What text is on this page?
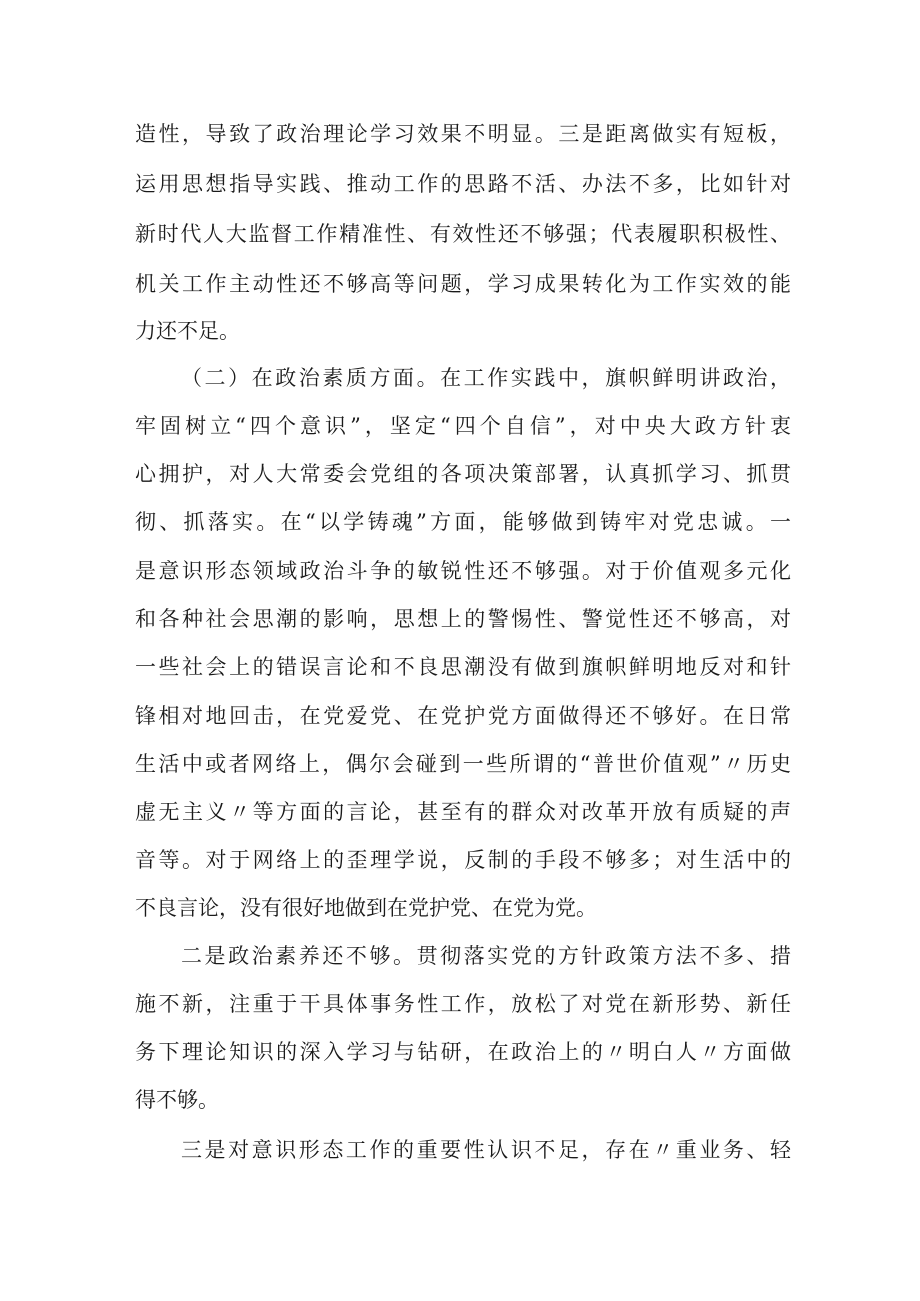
造性，导致了政治理论学习效果不明显。三是距离做实有短板，
运用思想指导实践、推动工作的思路不活、办法不多，比如针对
新时代人大监督工作精准性、有效性还不够强；代表履职积极性、
机关工作主动性还不够高等问题，学习成果转化为工作实效的能
力还不足。
（二）在政治素质方面。在工作实践中，旗帜鲜明讲政治，
牢固树立“四个意识”，坚定“四个自信”，对中央大政方针衷
心拥护，对人大常委会党组的各项决策部署，认真抓学习、抓贯
彻、抓落实。在“以学铸魂”方面，能够做到铸牢对党忠诚。一
是意识形态领域政治斗争的敏锐性还不够强。对于价值观多元化
和各种社会思潮的影响，思想上的警惕性、警觉性还不够高，对
一些社会上的错误言论和不良思潮没有做到旗帜鲜明地反对和针
锋相对地回击，在党爱党、在党护党方面做得还不够好。在日常
生活中或者网络上，偶尔会碰到一些所谓的“普世价值观”〃历史
虚无主义〃等方面的言论，甚至有的群众对改革开放有质疑的声
音等。对于网络上的歪理学说，反制的手段不够多；对生活中的
不良言论，没有很好地做到在党护党、在党为党。
二是政治素养还不够。贯彻落实党的方针政策方法不多、措
施不新，注重于干具体事务性工作，放松了对党在新形势、新任
务下理论知识的深入学习与钻研，在政治上的〃明白人〃方面做
得不够。
三是对意识形态工作的重要性认识不足，存在〃重业务、轻
